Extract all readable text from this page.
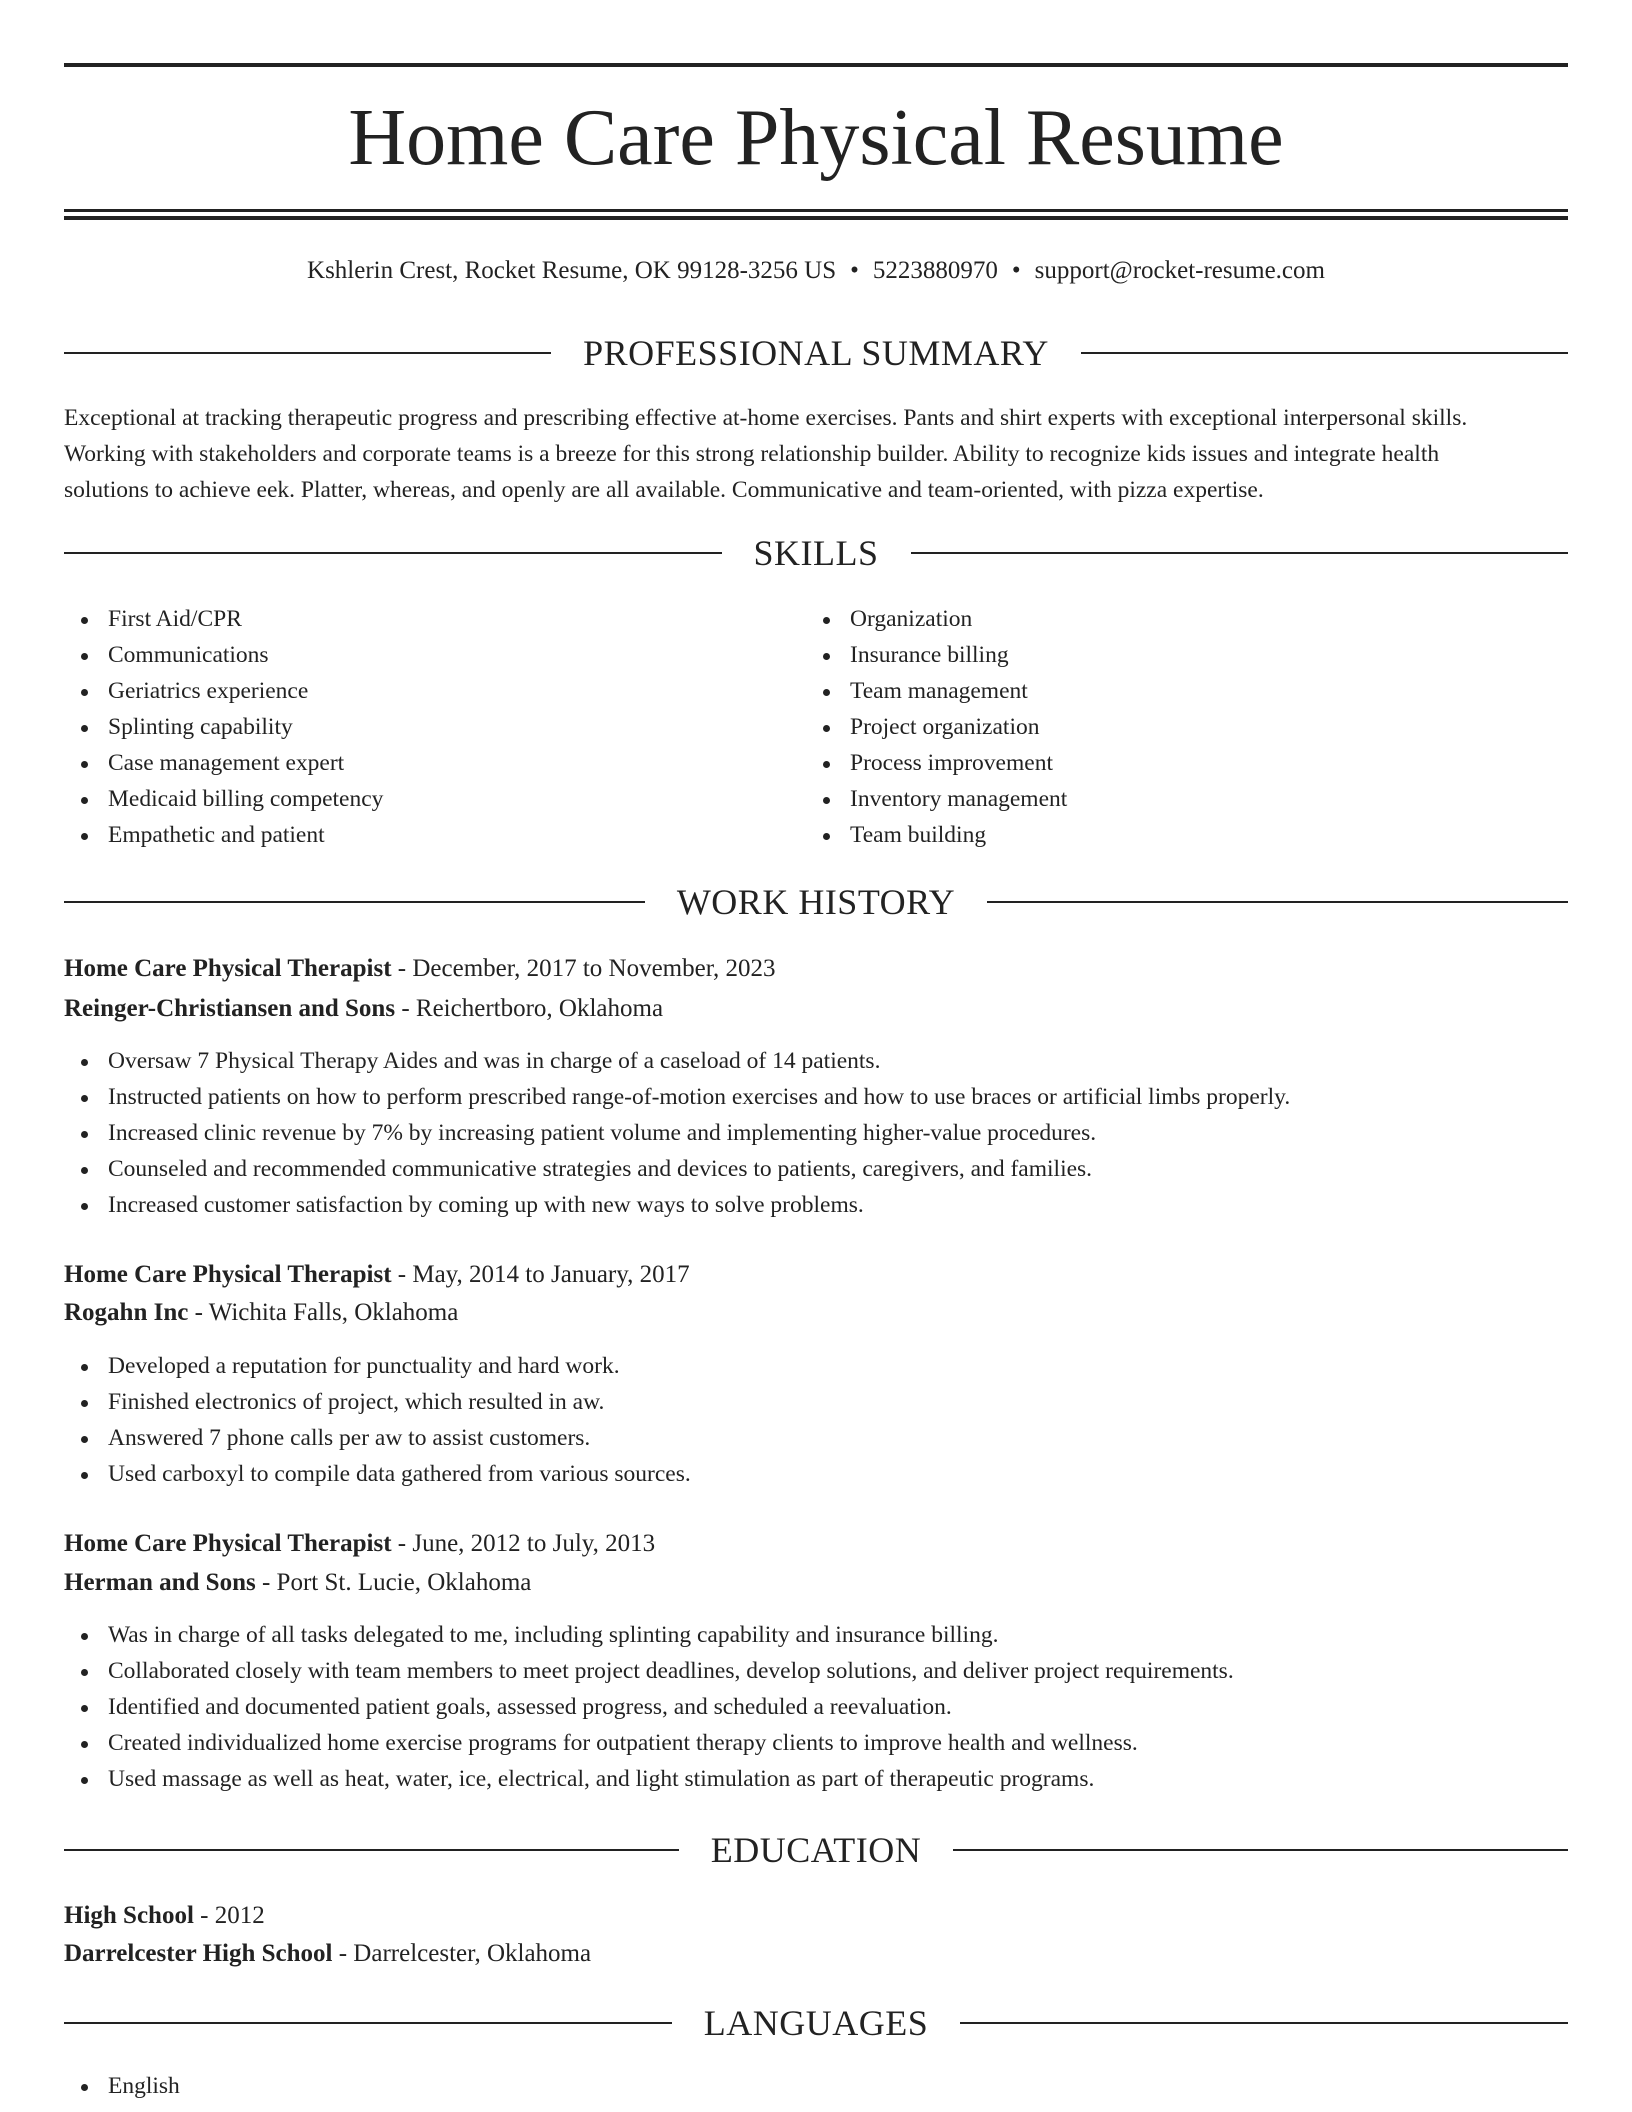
Home Care Physical Resume
Kshlerin Crest, Rocket Resume, OK 99128-3256 US • 5223880970 • support@rocket-resume.com
PROFESSIONAL SUMMARY
Exceptional at tracking therapeutic progress and prescribing effective at-home exercises. Pants and shirt experts with exceptional interpersonal skills.
Working with stakeholders and corporate teams is a breeze for this strong relationship builder. Ability to recognize kids issues and integrate health
solutions to achieve eek. Platter, whereas, and openly are all available. Communicative and team-oriented, with pizza expertise.
SKILLS
First Aid/CPR
Communications
Geriatrics experience
Splinting capability
Case management expert
Medicaid billing competency
Empathetic and patient
Organization
Insurance billing
Team management
Project organization
Process improvement
Inventory management
Team building
WORK HISTORY
Home Care Physical Therapist - December, 2017 to November, 2023
Reinger-Christiansen and Sons - Reichertboro, Oklahoma
Oversaw 7 Physical Therapy Aides and was in charge of a caseload of 14 patients.
Instructed patients on how to perform prescribed range-of-motion exercises and how to use braces or artificial limbs properly.
Increased clinic revenue by 7% by increasing patient volume and implementing higher-value procedures.
Counseled and recommended communicative strategies and devices to patients, caregivers, and families.
Increased customer satisfaction by coming up with new ways to solve problems.
Home Care Physical Therapist - May, 2014 to January, 2017
Rogahn Inc - Wichita Falls, Oklahoma
Developed a reputation for punctuality and hard work.
Finished electronics of project, which resulted in aw.
Answered 7 phone calls per aw to assist customers.
Used carboxyl to compile data gathered from various sources.
Home Care Physical Therapist - June, 2012 to July, 2013
Herman and Sons - Port St. Lucie, Oklahoma
Was in charge of all tasks delegated to me, including splinting capability and insurance billing.
Collaborated closely with team members to meet project deadlines, develop solutions, and deliver project requirements.
Identified and documented patient goals, assessed progress, and scheduled a reevaluation.
Created individualized home exercise programs for outpatient therapy clients to improve health and wellness.
Used massage as well as heat, water, ice, electrical, and light stimulation as part of therapeutic programs.
EDUCATION
High School - 2012
Darrelcester High School - Darrelcester, Oklahoma
LANGUAGES
English
